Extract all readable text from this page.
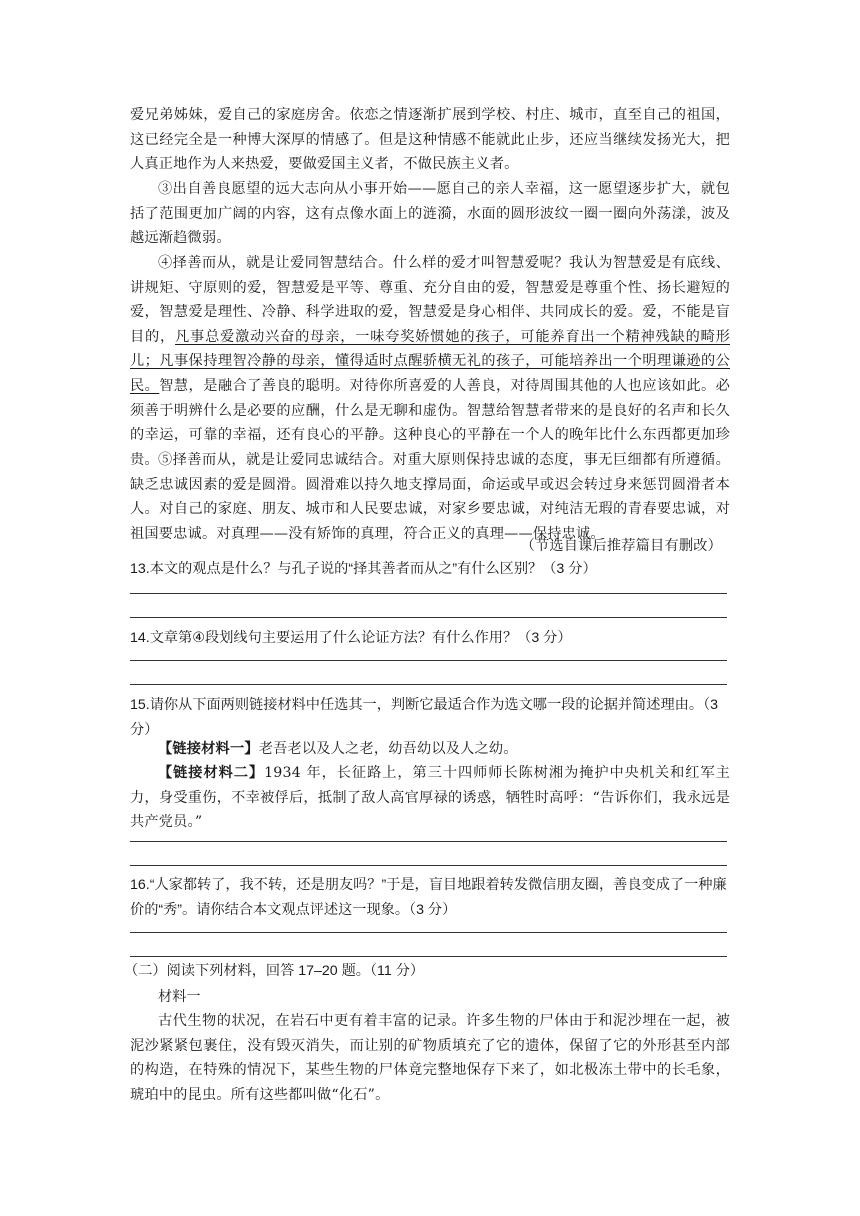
爱兄弟姊妹，爱自己的家庭房舍。依恋之情逐渐扩展到学校、村庄、城市，直至自己的祖国，这已经完全是一种博大深厚的情感了。但是这种情感不能就此止步，还应当继续发扬光大，把人真正地作为人来热爱，要做爱国主义者，不做民族主义者。

③出自善良愿望的远大志向从小事开始——愿自己的亲人幸福，这一愿望逐步扩大，就包括了范围更加广阔的内容，这有点像水面上的涟漪，水面的圆形波纹一圈一圈向外荡漾，波及越远渐趋微弱。

④择善而从，就是让爱同智慧结合。什么样的爱才叫智慧爱呢？我认为智慧爱是有底线、讲规矩、守原则的爱，智慧爱是平等、尊重、充分自由的爱，智慧爱是尊重个性、扬长避短的爱，智慧爱是理性、冷静、科学进取的爱，智慧爱是身心相伴、共同成长的爱。爱，不能是盲目的，凡事总爱激动兴奋的母亲，一味夸奖娇惯她的孩子，可能养育出一个精神残缺的畸形儿；凡事保持理智冷静的母亲，懂得适时点醒骄横无礼的孩子，可能培养出一个明理谦逊的公民。智慧，是融合了善良的聪明。对待你所喜爱的人善良，对待周围其他的人也应该如此。必须善于明辨什么是必要的应酬，什么是无聊和虚伪。智慧给智慧者带来的是良好的名声和长久的幸运，可靠的幸福，还有良心的平静。这种良心的平静在一个人的晚年比什么东西都更加珍贵。 ⑤择善而从，就是让爱同忠诚结合。对重大原则保持忠诚的态度，事无巨细都有所遵循。缺乏忠诚因素的爱是圆滑。圆滑难以持久地支撑局面，命运或早或迟会转过身来惩罚圆滑者本人。对自己的家庭、朋友、城市和人民要忠诚，对家乡要忠诚，对纯洁无瑕的青春要忠诚，对祖国要忠诚。对真理——没有矫饰的真理，符合正义的真理——保持忠诚。

（节选自课后推荐篇目有删改）

13.本文的观点是什么？与孔子说的“择其善者而从之”有什么区别？（3 分）

14.文章第④段划线句主要运用了什么论证方法？有什么作用？（3 分）

15.请你从下面两则链接材料中任选其一，判断它最适合作为选文哪一段的论据并简述理由。（3 分）

【链接材料一】老吾老以及人之老，幼吾幼以及人之幼。

【链接材料二】1934 年，长征路上，第三十四师师长陈树湘为掩护中央机关和红军主力，身受重伤，不幸被俘后，抵制了敌人高官厚禄的诱惑，牺牲时高呼：“告诉你们，我永远是共产党员。”

16.“人家都转了，我不转，还是朋友吗？”于是，盲目地跟着转发微信朋友圈，善良变成了一种廉价的“秀”。请你结合本文观点评述这一现象。（3 分）

（二）阅读下列材料，回答 17–20 题。（11 分）

材料一

古代生物的状况，在岩石中更有着丰富的记录。许多生物的尸体由于和泥沙埋在一起，被泥沙紧紧包裹住，没有毁灭消失，而让别的矿物质填充了它的遗体，保留了它的外形甚至内部的构造，在特殊的情况下，某些生物的尸体竟完整地保存下来了，如北极冻土带中的长毛象，琥珀中的昆虫。所有这些都叫做“化石”。
